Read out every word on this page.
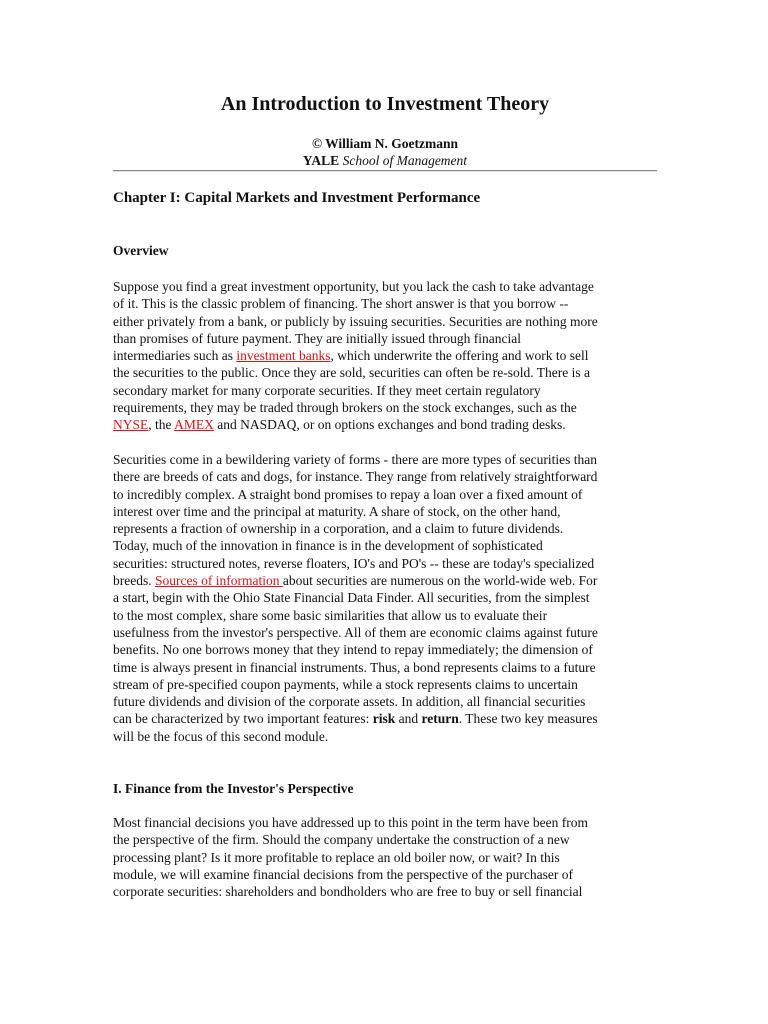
An Introduction to Investment Theory
© William N. Goetzmann
YALE School of Management
Chapter I: Capital Markets and Investment Performance
Overview

Suppose you find a great investment opportunity, but you lack the cash to take advantage
of it. This is the classic problem of financing. The short answer is that you borrow --
either privately from a bank, or publicly by issuing securities. Securities are nothing more
than promises of future payment. They are initially issued through financial
intermediaries such as investment banks, which underwrite the offering and work to sell
the securities to the public. Once they are sold, securities can often be re-sold. There is a
secondary market for many corporate securities. If they meet certain regulatory
requirements, they may be traded through brokers on the stock exchanges, such as the
NYSE, the AMEX and NASDAQ, or on options exchanges and bond trading desks.

Securities come in a bewildering variety of forms - there are more types of securities than
there are breeds of cats and dogs, for instance. They range from relatively straightforward
to incredibly complex. A straight bond promises to repay a loan over a fixed amount of
interest over time and the principal at maturity. A share of stock, on the other hand,
represents a fraction of ownership in a corporation, and a claim to future dividends.
Today, much of the innovation in finance is in the development of sophisticated
securities: structured notes, reverse floaters, IO's and PO's -- these are today's specialized
breeds. Sources of information about securities are numerous on the world-wide web. For
a start, begin with the Ohio State Financial Data Finder. All securities, from the simplest
to the most complex, share some basic similarities that allow us to evaluate their
usefulness from the investor's perspective. All of them are economic claims against future
benefits. No one borrows money that they intend to repay immediately; the dimension of
time is always present in financial instruments. Thus, a bond represents claims to a future
stream of pre-specified coupon payments, while a stock represents claims to uncertain
future dividends and division of the corporate assets. In addition, all financial securities
can be characterized by two important features: risk and return. These two key measures
will be the focus of this second module.

I. Finance from the Investor's Perspective

Most financial decisions you have addressed up to this point in the term have been from
the perspective of the firm. Should the company undertake the construction of a new
processing plant? Is it more profitable to replace an old boiler now, or wait? In this
module, we will examine financial decisions from the perspective of the purchaser of
corporate securities: shareholders and bondholders who are free to buy or sell financial
